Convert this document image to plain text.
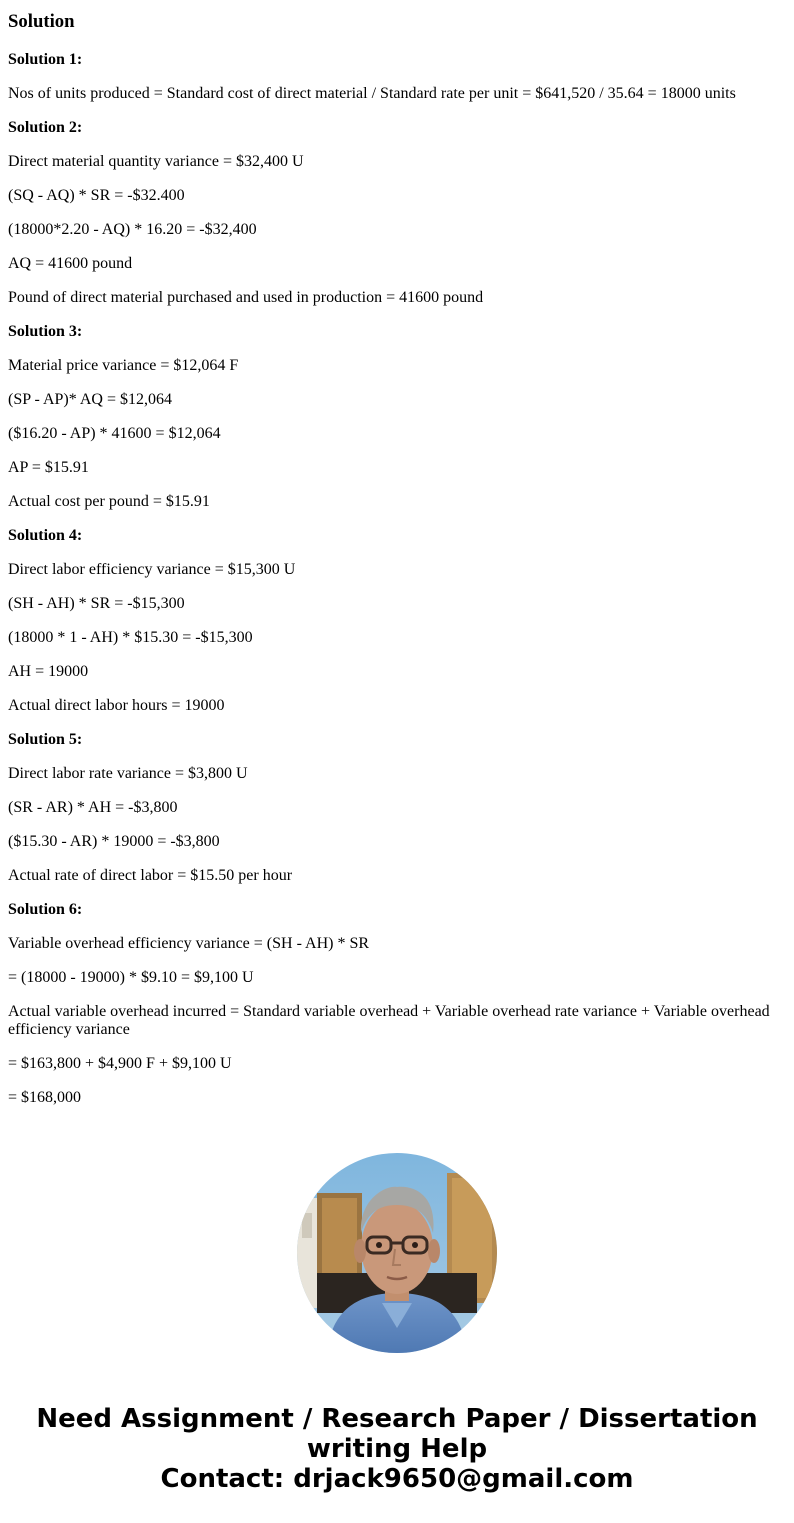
Solution
Solution 1:
Nos of units produced = Standard cost of direct material / Standard rate per unit = $641,520 / 35.64 = 18000 units
Solution 2:
Direct material quantity variance = $32,400 U
(SQ - AQ) * SR = -$32.400
(18000*2.20 - AQ) * 16.20 = -$32,400
AQ = 41600 pound
Pound of direct material purchased and used in production = 41600 pound
Solution 3:
Material price variance = $12,064 F
(SP - AP)* AQ = $12,064
($16.20 - AP) * 41600 = $12,064
AP = $15.91
Actual cost per pound = $15.91
Solution 4:
Direct labor efficiency variance = $15,300 U
(SH - AH) * SR = -$15,300
(18000 * 1 - AH) * $15.30 = -$15,300
AH = 19000
Actual direct labor hours = 19000
Solution 5:
Direct labor rate variance = $3,800 U
(SR - AR) * AH = -$3,800
($15.30 - AR) * 19000 = -$3,800
Actual rate of direct labor = $15.50 per hour
Solution 6:
Variable overhead efficiency variance = (SH - AH) * SR
= (18000 - 19000) * $9.10 = $9,100 U
Actual variable overhead incurred = Standard variable overhead + Variable overhead rate variance + Variable overhead efficiency variance
= $163,800 + $4,900 F + $9,100 U
= $168,000
Need Assignment / Research Paper / Dissertation
writing Help
Contact: drjack9650@gmail.com
